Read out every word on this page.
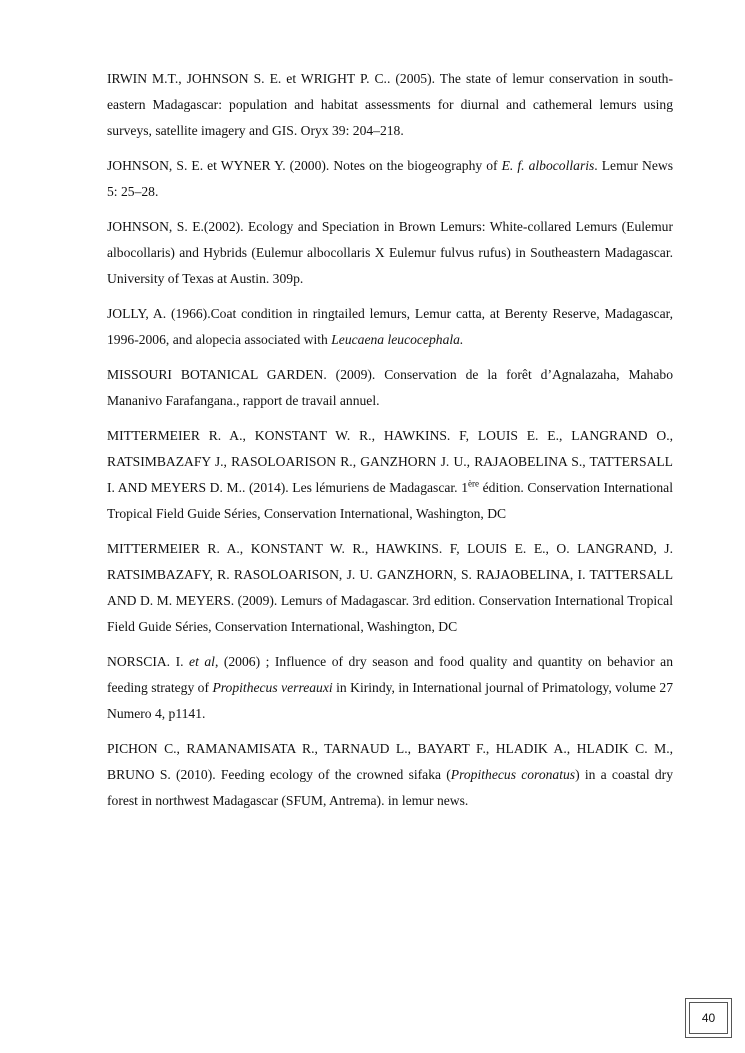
IRWIN M.T., JOHNSON S. E. et WRIGHT P. C.. (2005). The state of lemur conservation in south-eastern Madagascar: population and habitat assessments for diurnal and cathemeral lemurs using surveys, satellite imagery and GIS. Oryx 39: 204–218.

JOHNSON, S. E. et WYNER Y. (2000). Notes on the biogeography of E. f. albocollaris. Lemur News 5: 25–28.

JOHNSON, S. E.(2002). Ecology and Speciation in Brown Lemurs: White-collared Lemurs (Eulemur albocollaris) and Hybrids (Eulemur albocollaris X Eulemur fulvus rufus) in Southeastern Madagascar. University of Texas at Austin. 309p.

JOLLY, A. (1966).Coat condition in ringtailed lemurs, Lemur catta, at Berenty Reserve, Madagascar, 1996-2006, and alopecia associated with Leucaena leucocephala.

MISSOURI BOTANICAL GARDEN. (2009). Conservation de la forêt d’Agnalazaha, Mahabo Mananivo Farafangana., rapport de travail annuel.

MITTERMEIER R. A., KONSTANT W. R., HAWKINS. F, LOUIS E. E., LANGRAND O., RATSIMBAZAFY J., RASOLOARISON R., GANZHORN J. U., RAJAOBELINA S., TATTERSALL I. AND MEYERS D. M.. (2014). Les lémuriens de Madagascar. 1ère édition. Conservation International Tropical Field Guide Séries, Conservation International, Washington, DC

MITTERMEIER R. A., KONSTANT W. R., HAWKINS. F, LOUIS E. E., O. LANGRAND, J. RATSIMBAZAFY, R. RASOLOARISON, J. U. GANZHORN, S. RAJAOBELINA, I. TATTERSALL AND D. M. MEYERS. (2009). Lemurs of Madagascar. 3rd edition. Conservation International Tropical Field Guide Séries, Conservation International, Washington, DC

NORSCIA. I. et al, (2006) ; Influence of dry season and food quality and quantity on behavior an feeding strategy of Propithecus verreauxi in Kirindy, in International journal of Primatology, volume 27 Numero 4, p1141.

PICHON C., RAMANAMISATA R., TARNAUD L., BAYART F., HLADIK A., HLADIK C. M., BRUNO S. (2010). Feeding ecology of the crowned sifaka (Propithecus coronatus) in a coastal dry forest in northwest Madagascar (SFUM, Antrema). in lemur news.

40
